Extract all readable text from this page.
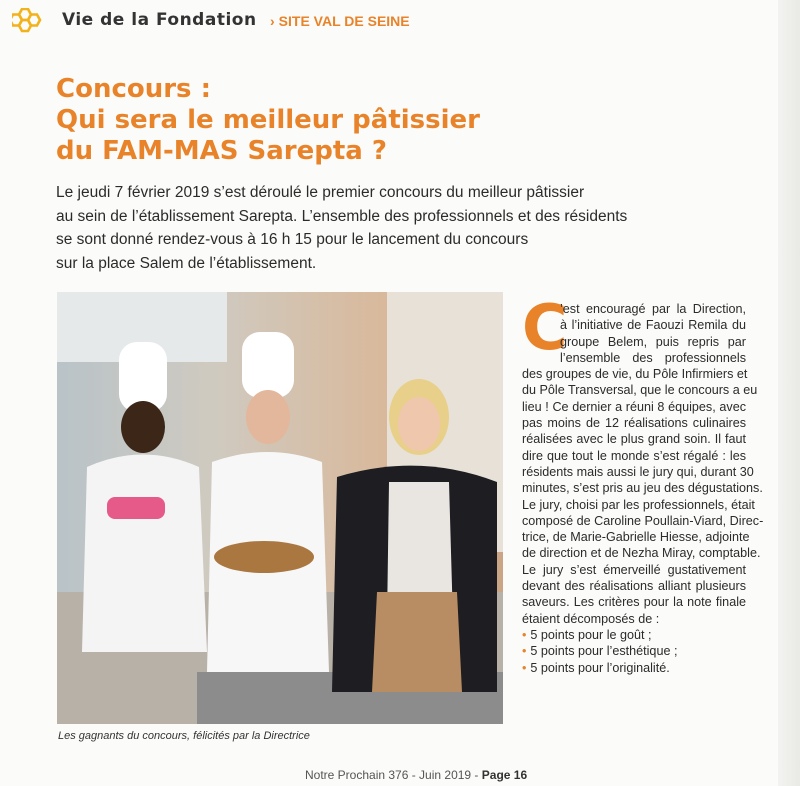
Vie de la Fondation › SITE VAL DE SEINE
Concours :
Qui sera le meilleur pâtissier
du FAM-MAS Sarepta ?
Le jeudi 7 février 2019 s’est déroulé le premier concours du meilleur pâtissier
au sein de l’établissement Sarepta. L’ensemble des professionnels et des résidents
se sont donné rendez-vous à 16 h 15 pour le lancement du concours
sur la place Salem de l’établissement.
Les gagnants du concours, félicités par la Directrice
C
’est encouragé par la Direction,
à l’initiative de Faouzi Remila du
groupe Belem, puis repris par
l’ensemble des professionnels
des groupes de vie, du Pôle Infirmiers et
du Pôle Transversal, que le concours a eu
lieu ! Ce dernier a réuni 8 équipes, avec
pas moins de 12 réalisations culinaires
réalisées avec le plus grand soin. Il faut
dire que tout le monde s’est régalé : les
résidents mais aussi le jury qui, durant 30
minutes, s’est pris au jeu des dégustations.
Le jury, choisi par les professionnels, était
composé de Caroline Poullain-Viard, Direc-
trice, de Marie-Gabrielle Hiesse, adjointe
de direction et de Nezha Miray, comptable.
Le jury s’est émerveillé gustativement
devant des réalisations alliant plusieurs
saveurs. Les critères pour la note finale
étaient décomposés de :
• 5 points pour le goût ;
• 5 points pour l’esthétique ;
• 5 points pour l’originalité.
Notre Prochain 376 - Juin 2019 - Page 16
